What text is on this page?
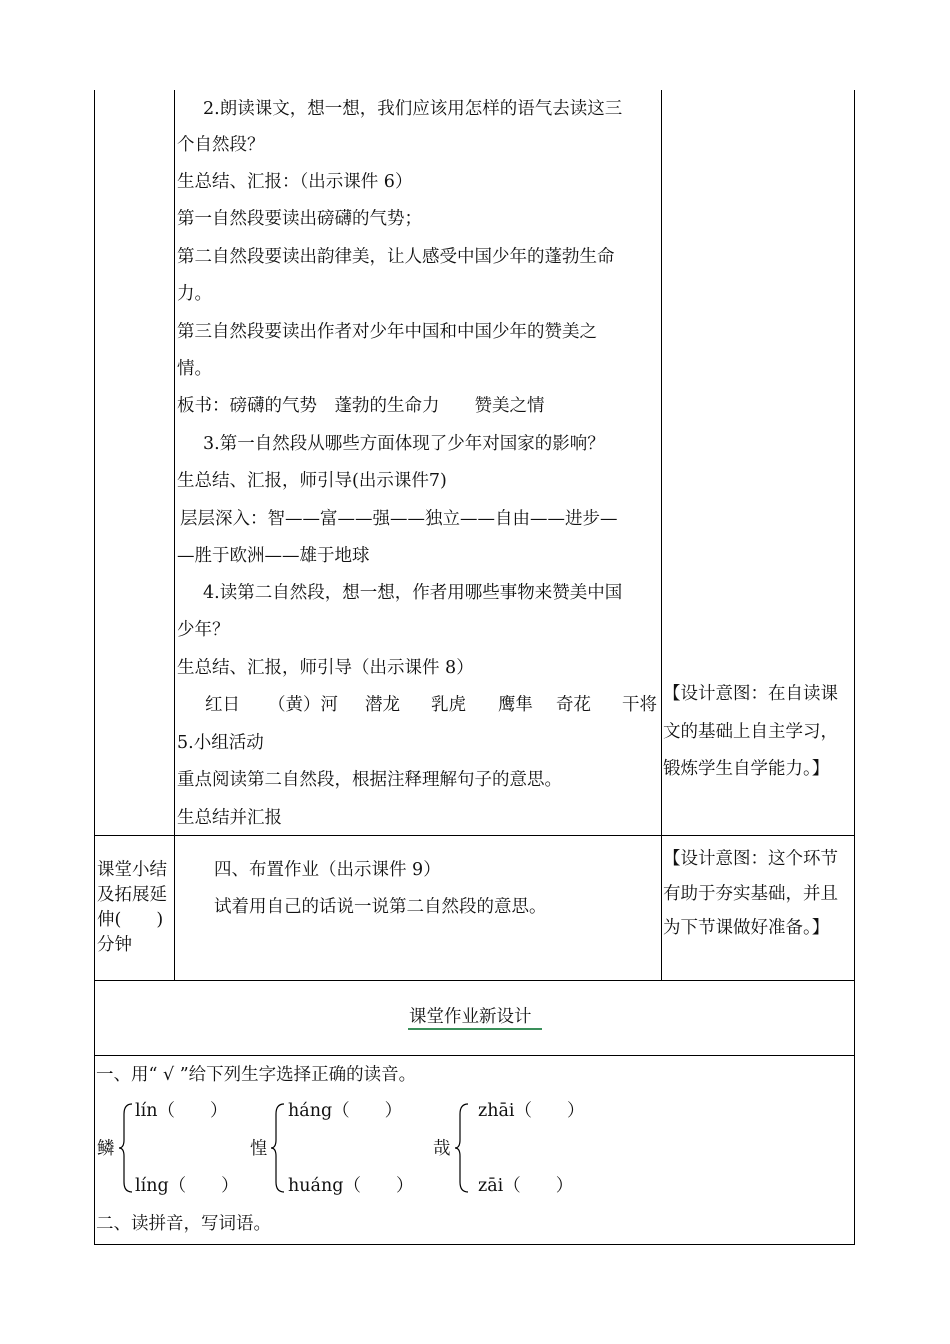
2.朗读课文，想一想，我们应该用怎样的语气去读这三
个自然段？
生总结、汇报：（出示课件 6）
第一自然段要读出磅礴的气势；
第二自然段要读出韵律美，让人感受中国少年的蓬勃生命
力。
第三自然段要读出作者对少年中国和中国少年的赞美之
情。
板书：磅礴的气势　蓬勃的生命力　　赞美之情
3.第一自然段从哪些方面体现了少年对国家的影响？
生总结、汇报，师引导(出示课件7)
层层深入：智——富——强——独立——自由——进步—
—胜于欧洲——雄于地球
4.读第二自然段，想一想，作者用哪些事物来赞美中国
少年？
生总结、汇报，师引导（出示课件 8）
红日 （黄）河 潜龙 乳虎 鹰隼 奇花 干将
5.小组活动
重点阅读第二自然段，根据注释理解句子的意思。
生总结并汇报
【设计意图：在自读课
文的基础上自主学习，
锻炼学生自学能力。】
课堂小结
及拓展延
伸(　　)
分钟
四、布置作业（出示课件 9）
试着用自己的话说一说第二自然段的意思。
【设计意图：这个环节
有助于夯实基础，并且
为下节课做好准备。】
课堂作业新设计
一、用“ √ ”给下列生字选择正确的读音。
鳞
lín（　　）
líng（　　）
惶
háng（　　）
huáng（　　）
哉
zhāi（　　）
zāi（　　）
二、读拼音，写词语。
